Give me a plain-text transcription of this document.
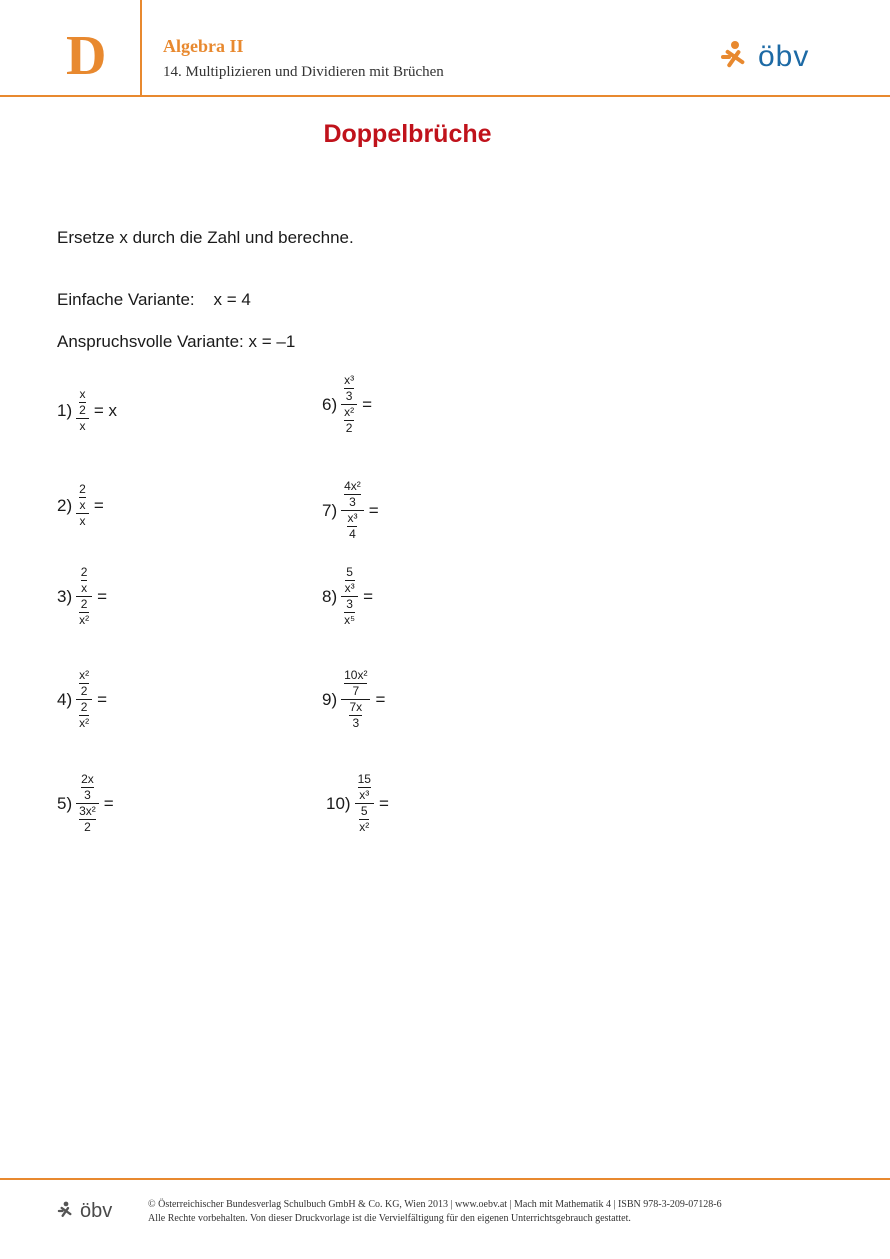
D	Algebra II
14. Multiplizieren und Dividieren mit Brüchen	öbv
Doppelbrüche
Ersetze x durch die Zahl und berechne.
Einfache Variante:    x = 4
Anspruchsvolle Variante: x = –1
$1) \frac{x}{2}$
x
= x
$2) \frac{2}{x}$
x
=
3)
$\frac{2}{x}$
$\frac{2}{\text{x²}}$
=
4)
$\frac{\text{x²}}{2}$
$\frac{2}{\text{x²}}$
=
5)
$\frac{2x}{3}$
$\frac{\text{3x²}}{2}$
=
6)
$\frac{\text{x³}}{3}$
$\frac{\text{x²}}{2}$
=
7)
$\frac{\text{4x²}}{3}$
$\frac{\text{x³}}{4}$
=
8)
$\frac{5}{\text{x³}}$
$\frac{3}{\text{x⁵}}$
=
9)
$\frac{\text{10x²}}{7}$
$\frac{7x}{3}$
=
10)
$\frac{15}{\text{x³}}$
$\frac{5}{\text{x²}}$
=
öbv	© Österreichischer Bundesverlag Schulbuch GmbH & Co. KG, Wien 2013 | www.oebv.at | Mach mit Mathematik 4 | ISBN 978-3-209-07128-6
Alle Rechte vorbehalten. Von dieser Druckvorlage ist die Vervielfältigung für den eigenen Unterrichtsgebrauch gestattet.
